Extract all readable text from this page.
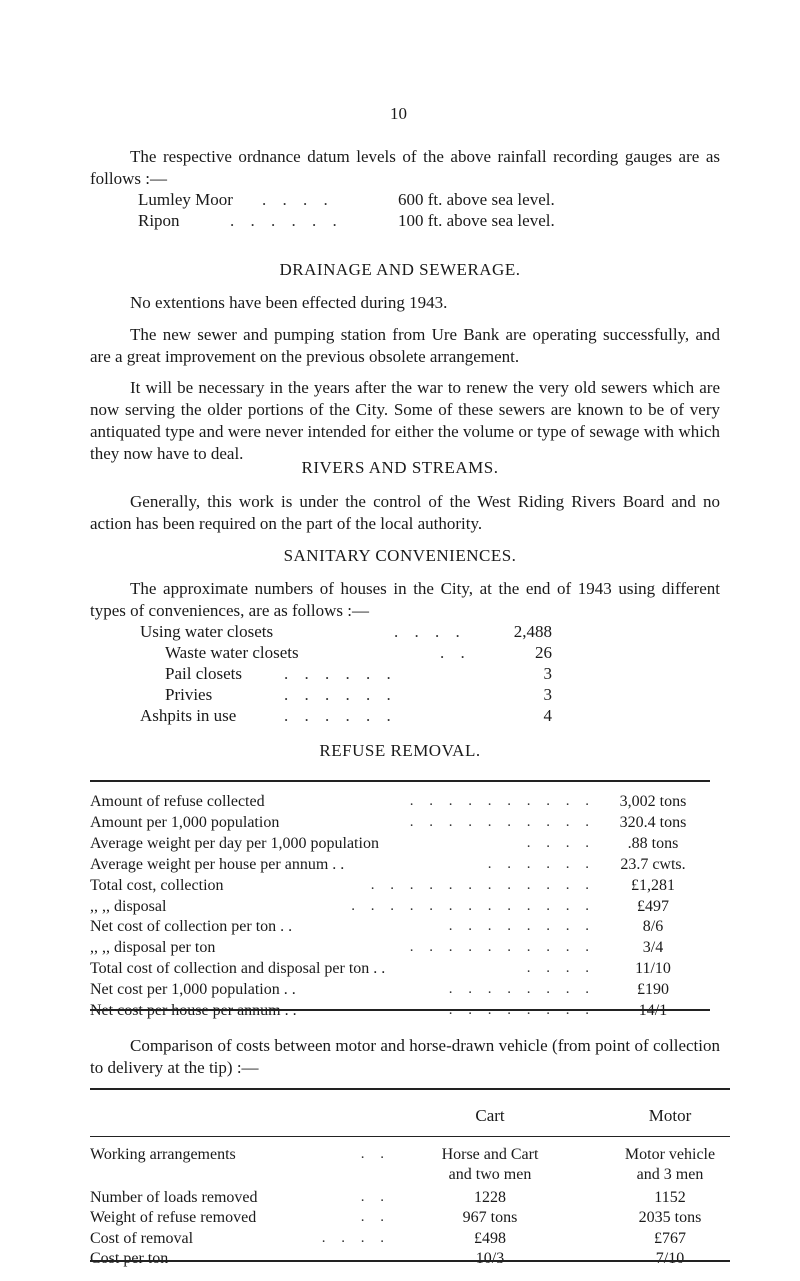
10

The respective ordnance datum levels of the above rainfall recording gauges are as follows :—

Lumley Moor . . . .	600 ft. above sea level.
Ripon	. . . . . .	100 ft. above sea level.
DRAINAGE AND SEWERAGE.

No extentions have been effected during 1943.

The new sewer and pumping station from Ure Bank are operating successfully, and are a great improvement on the previous obsolete arrangement.

It will be necessary in the years after the war to renew the very old sewers which are now serving the older portions of the City. Some of these sewers are known to be of very antiquated type and were never intended for either the volume or type of sewage with which they now have to deal.

RIVERS AND STREAMS.

Generally, this work is under the control of the West Riding Rivers Board and no action has been required on the part of the local authority.

SANITARY CONVENIENCES.

The approximate numbers of houses in the City, at the end of 1943 using different types of conveniences, are as follows :—

Using water closets	. . . .	2,488
Waste water closets	. .	26
Pail closets . . . . . .	3
Privies	. . . . . .	3
Ashpits in use	. . . . . .	4
REFUSE REMOVAL.
Amount of refuse collected	. . . . . . . . . .	3,002 tons
Amount per 1,000 population	. . . . . . . . . .	320.4 tons
Average weight per day per 1,000 population	. . . .	.88 tons
Average weight per house per annum . .	. . . . . .	23.7 cwts.
Total cost, collection	. . . . . . . . . . . .	£1,281
,, ,, disposal	. . . . . . . . . . . . .	£497
Net cost of collection per ton . .	. . . . . . . .	8/6
,, ,, disposal per ton	. . . . . . . . . .	3/4
Total cost of collection and disposal per ton . .	. . . .	11/10
Net cost per 1,000 population . .	. . . . . . . .	£190
Net cost per house per annum . .	. . . . . . . .	14/1

Comparison of costs between motor and horse-drawn vehicle (from point of collection to delivery at the tip) :—

Cart	Motor
Working arrangements	. .	Horse and Cart	Motor vehicle
and two men	and 3 men
Number of loads removed	. .	1228	1152
Weight of refuse removed	. .	967 tons	2035 tons
Cost of removal	. . . .	£498	£767
Cost per ton	. . . . . .	10/3	7/10
